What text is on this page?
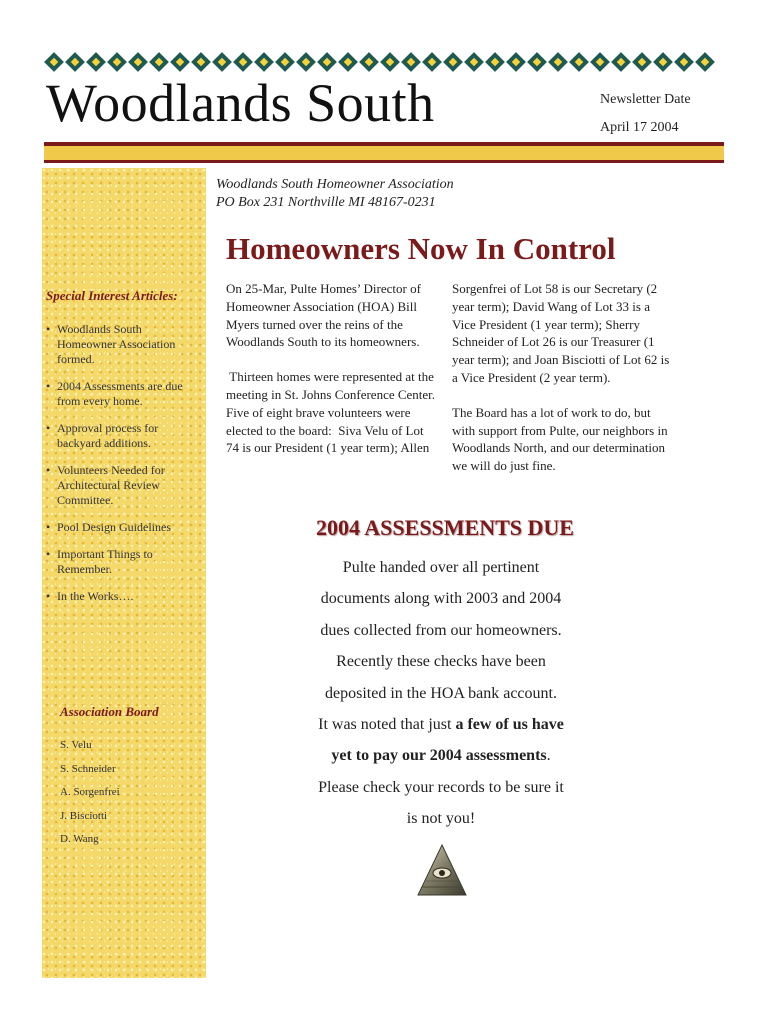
Woodlands South	Newsletter Date
April 17 2004
Woodlands South Homeowner Association
PO Box 231 Northville MI 48167-0231
Special Interest Articles:
• Woodlands South Homeowner Association formed.
• 2004 Assessments are due from every home.
• Approval process for backyard additions.
• Volunteers Needed for Architectural Review Committee.
• Pool Design Guidelines
• Important Things to Remember.
• In the Works….
Association Board
S. Velu
S. Schneider
A. Sorgenfrei
J. Bisciotti
D. Wang
Homeowners Now In Control

On 25-Mar, Pulte Homes’ Director of Homeowner Association (HOA) Bill Myers turned over the reins of the Woodlands South to its homeowners.

Thirteen homes were represented at the meeting in St. Johns Conference Center.  Five of eight brave volunteers were elected to the board:  Siva Velu of Lot 74 is our President (1 year term); Allen

Sorgenfrei of Lot 58 is our Secretary (2 year term); David Wang of Lot 33 is a Vice President (1 year term); Sherry Schneider of Lot 26 is our Treasurer (1 year term); and Joan Bisciotti of Lot 62 is a Vice President (2 year term).

The Board has a lot of work to do, but with support from Pulte, our neighbors in Woodlands North, and our determination we will do just fine.

2004 ASSESSMENTS DUE

Pulte handed over all pertinent

documents along with 2003 and 2004

dues collected from our homeowners.

Recently these checks have been

deposited in the HOA bank account.

It was noted that just a few of us have

yet to pay our 2004 assessments.

Please check your records to be sure it

is not you!
